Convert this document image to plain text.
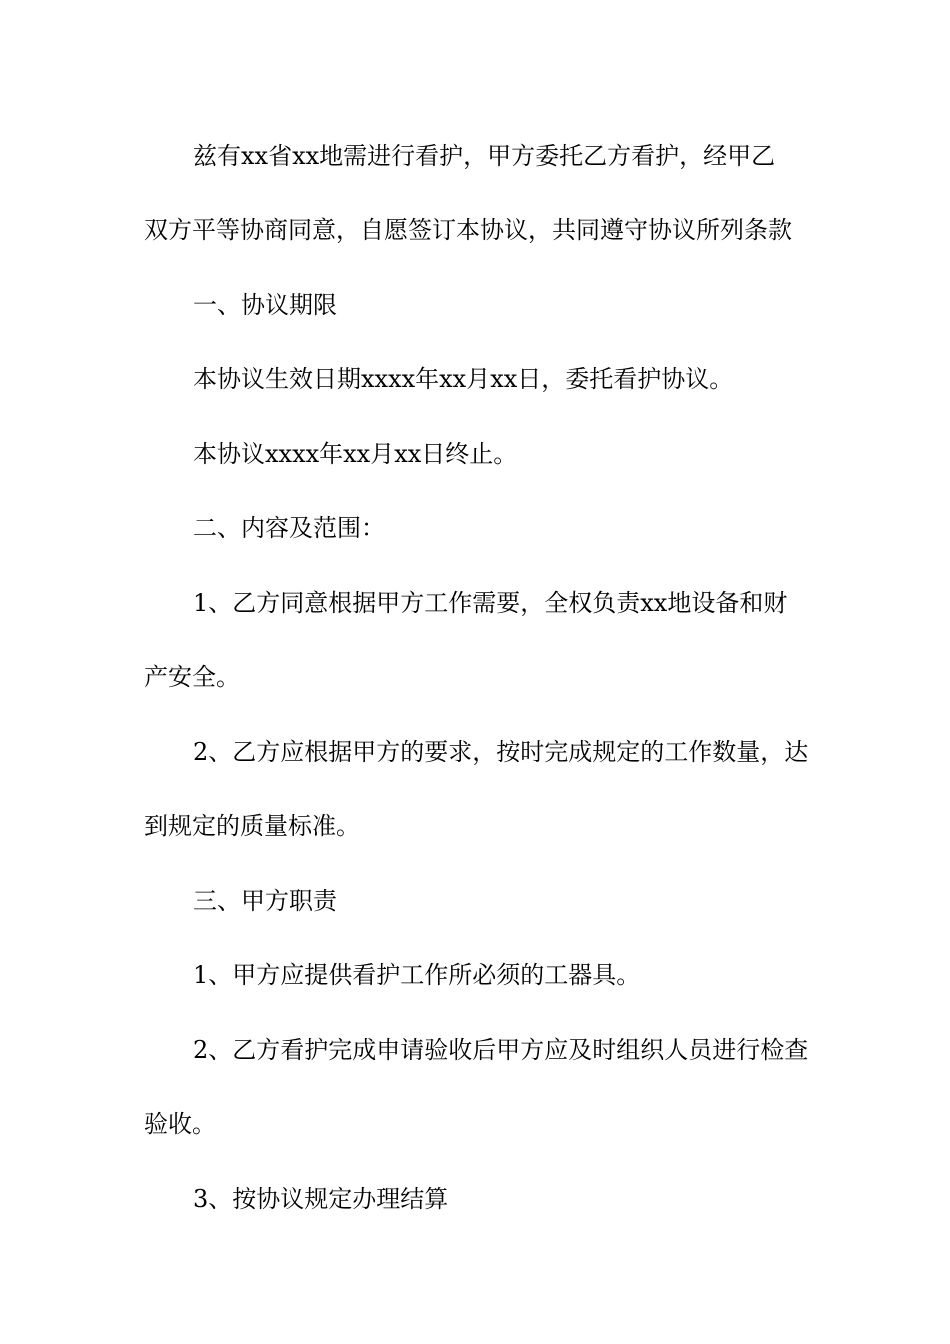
兹有xx省xx地需进行看护，甲方委托乙方看护，经甲乙
双方平等协商同意，自愿签订本协议，共同遵守协议所列条款
一、协议期限
本协议生效日期xxxx年xx月xx日，委托看护协议。
本协议xxxx年xx月xx日终止。
二、内容及范围：
1、乙方同意根据甲方工作需要，全权负责xx地设备和财
产安全。
2、乙方应根据甲方的要求，按时完成规定的工作数量，达
到规定的质量标准。
三、甲方职责
1、甲方应提供看护工作所必须的工器具。
2、乙方看护完成申请验收后甲方应及时组织人员进行检查
验收。
3、按协议规定办理结算
